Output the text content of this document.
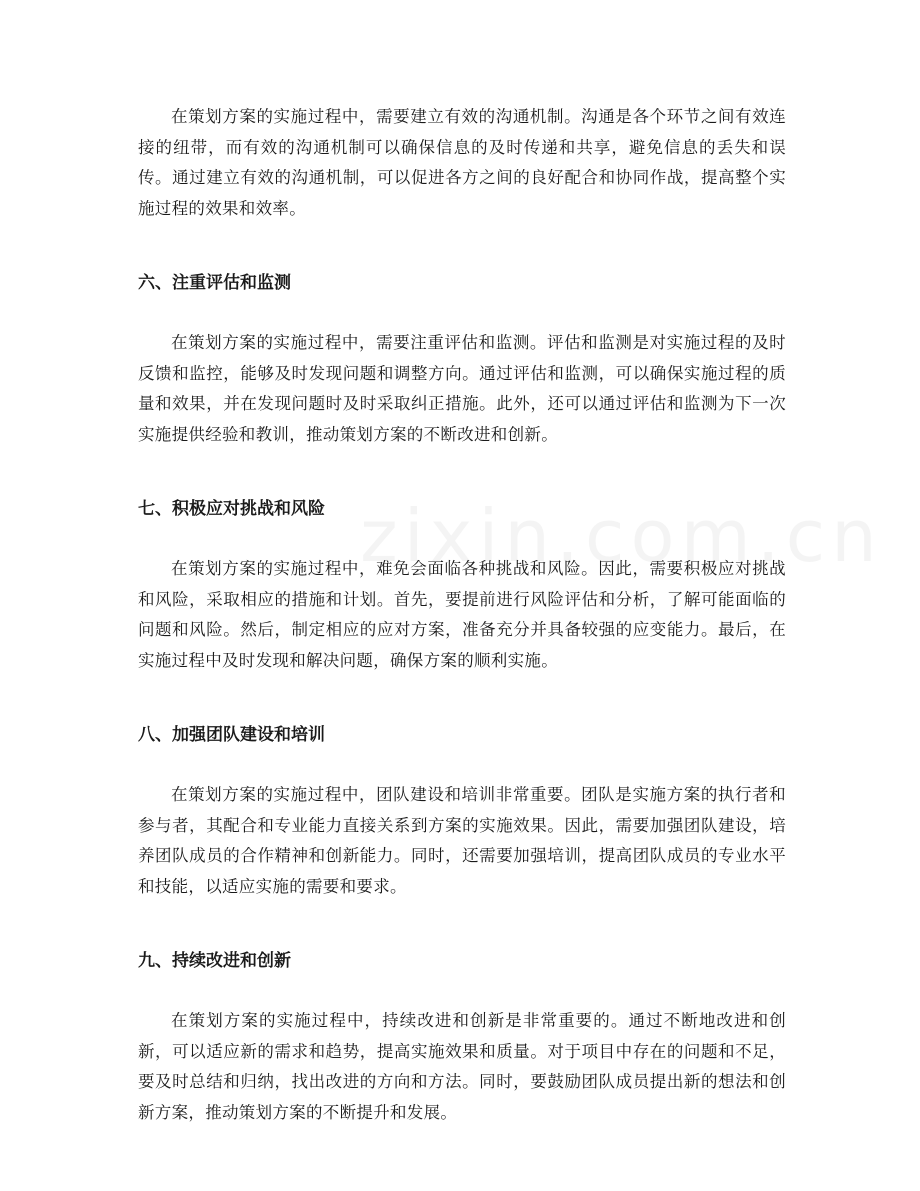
在策划方案的实施过程中，需要建立有效的沟通机制。沟通是各个环节之间有效连接的纽带，而有效的沟通机制可以确保信息的及时传递和共享，避免信息的丢失和误传。通过建立有效的沟通机制，可以促进各方之间的良好配合和协同作战，提高整个实施过程的效果和效率。

六、注重评估和监测

在策划方案的实施过程中，需要注重评估和监测。评估和监测是对实施过程的及时反馈和监控，能够及时发现问题和调整方向。通过评估和监测，可以确保实施过程的质量和效果，并在发现问题时及时采取纠正措施。此外，还可以通过评估和监测为下一次实施提供经验和教训，推动策划方案的不断改进和创新。

七、积极应对挑战和风险

在策划方案的实施过程中，难免会面临各种挑战和风险。因此，需要积极应对挑战和风险，采取相应的措施和计划。首先，要提前进行风险评估和分析，了解可能面临的问题和风险。然后，制定相应的应对方案，准备充分并具备较强的应变能力。最后，在实施过程中及时发现和解决问题，确保方案的顺利实施。

八、加强团队建设和培训

在策划方案的实施过程中，团队建设和培训非常重要。团队是实施方案的执行者和参与者，其配合和专业能力直接关系到方案的实施效果。因此，需要加强团队建设，培养团队成员的合作精神和创新能力。同时，还需要加强培训，提高团队成员的专业水平和技能，以适应实施的需要和要求。

九、持续改进和创新

在策划方案的实施过程中，持续改进和创新是非常重要的。通过不断地改进和创新，可以适应新的需求和趋势，提高实施效果和质量。对于项目中存在的问题和不足，要及时总结和归纳，找出改进的方向和方法。同时，要鼓励团队成员提出新的想法和创新方案，推动策划方案的不断提升和发展。
